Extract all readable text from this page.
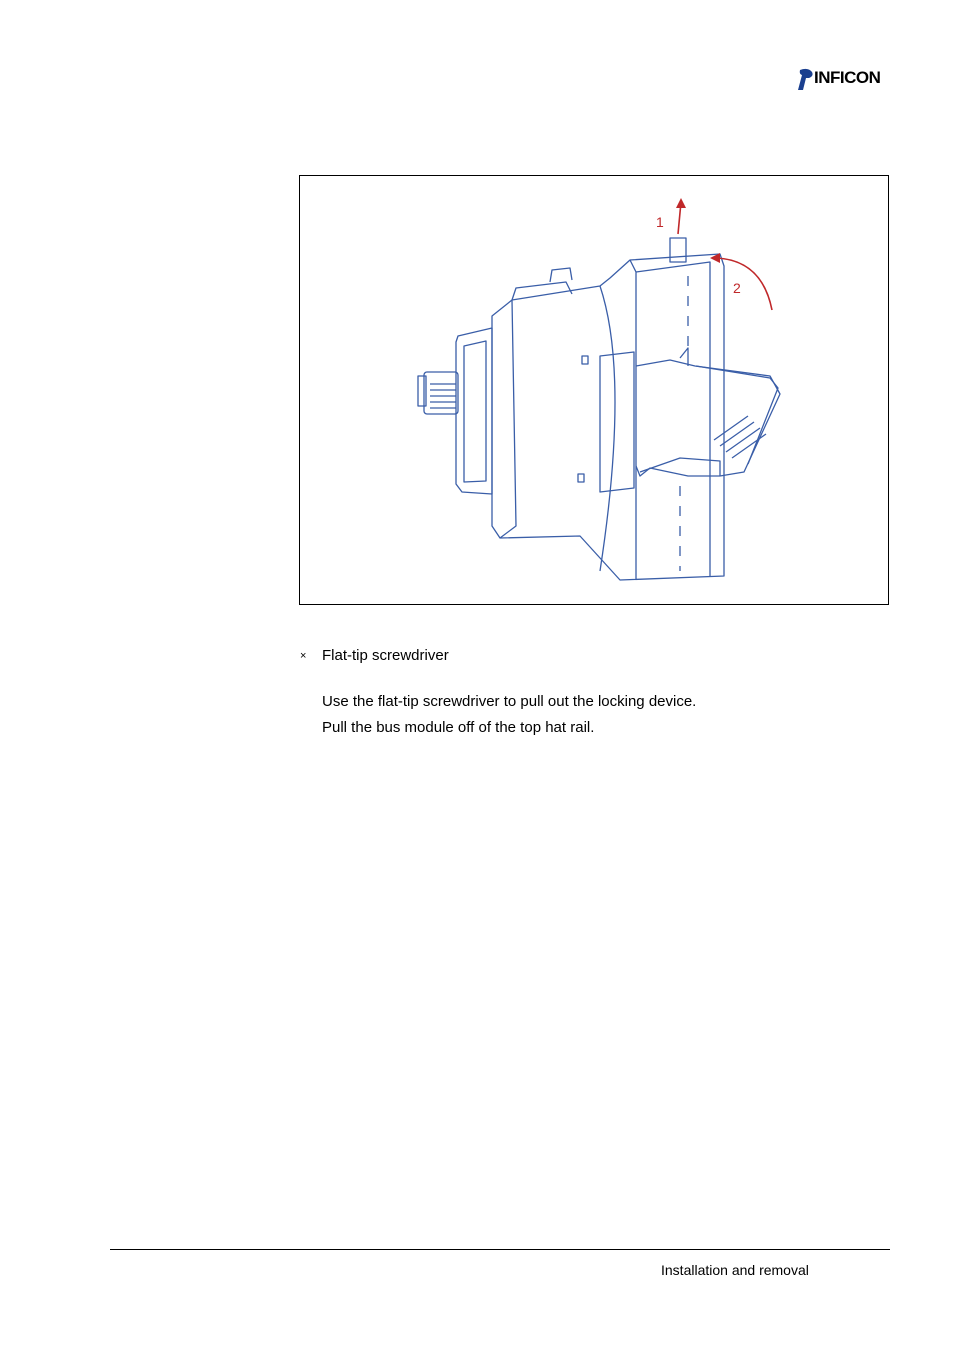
INFICON
1
2
× Flat-tip screwdriver
Use the flat-tip screwdriver to pull out the locking device.
Pull the bus module off of the top hat rail.
Installation and removal
